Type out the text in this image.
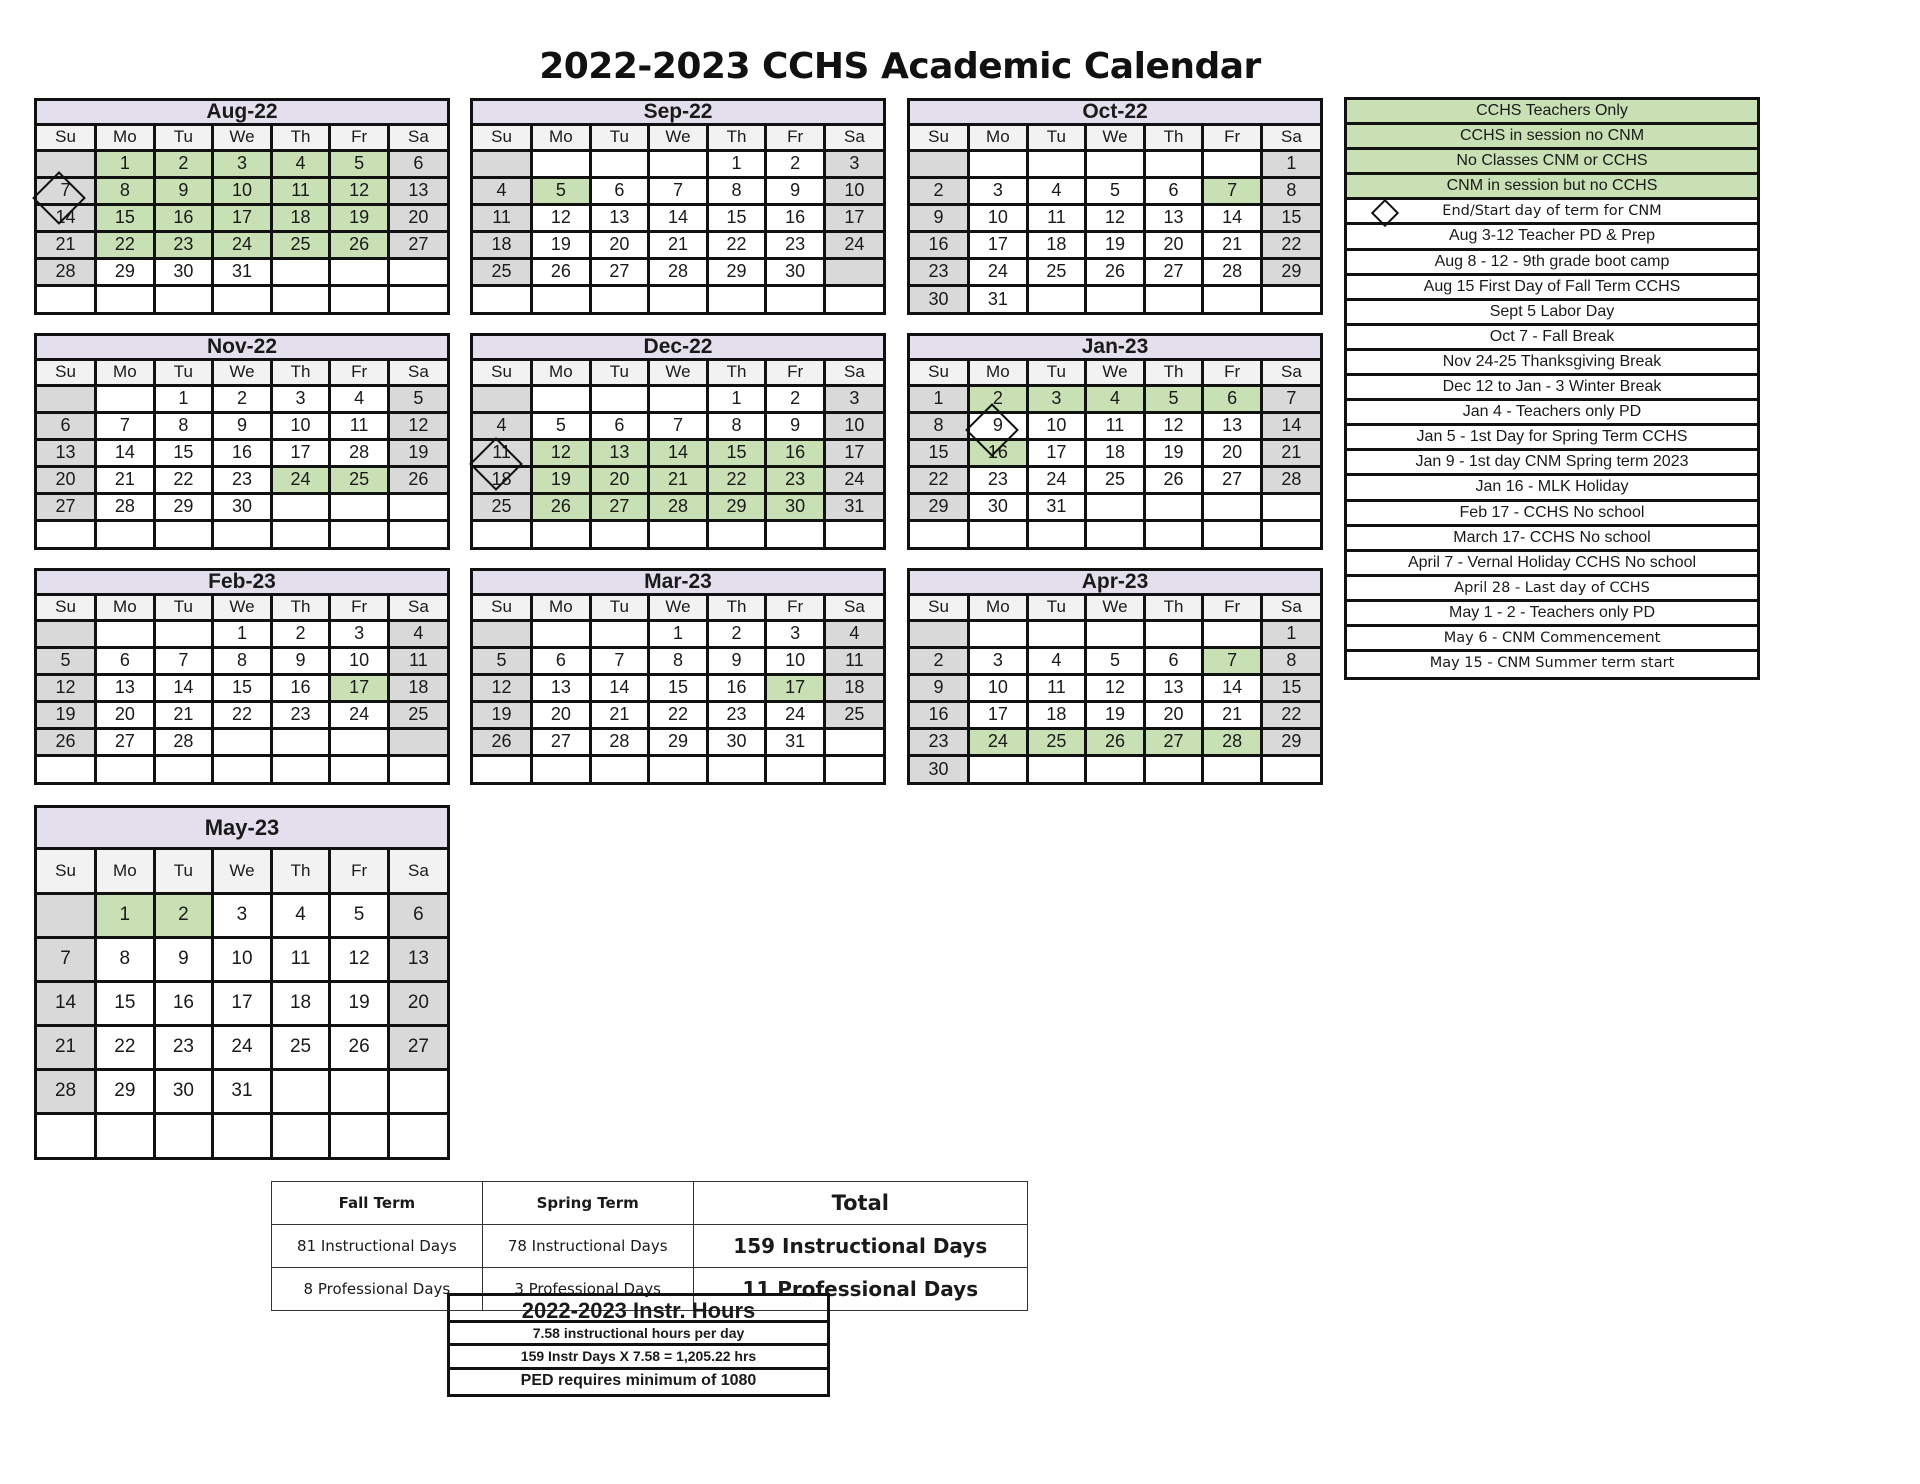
2022-2023 CCHS Academic Calendar
Aug-22
Su	Mo	Tu	We	Th	Fr	Sa
	1	2	3	4	5	6
7	8	9	10	11	12	13
14	15	16	17	18	19	20
21	22	23	24	25	26	27
28	29	30	31			

Sep-22
Su	Mo	Tu	We	Th	Fr	Sa
				1	2	3
4	5	6	7	8	9	10
11	12	13	14	15	16	17
18	19	20	21	22	23	24
25	26	27	28	29	30	

Oct-22
Su	Mo	Tu	We	Th	Fr	Sa
						1
2	3	4	5	6	7	8
9	10	11	12	13	14	15
16	17	18	19	20	21	22
23	24	25	26	27	28	29
30	31					
Nov-22
Su	Mo	Tu	We	Th	Fr	Sa
		1	2	3	4	5
6	7	8	9	10	11	12
13	14	15	16	17	28	19
20	21	22	23	24	25	26
27	28	29	30			

Dec-22
Su	Mo	Tu	We	Th	Fr	Sa
				1	2	3
4	5	6	7	8	9	10
11	12	13	14	15	16	17
18	19	20	21	22	23	24
25	26	27	28	29	30	31

Jan-23
Su	Mo	Tu	We	Th	Fr	Sa
1	2	3	4	5	6	7
8	9	10	11	12	13	14
15	16	17	18	19	20	21
22	23	24	25	26	27	28
29	30	31				

Feb-23
Su	Mo	Tu	We	Th	Fr	Sa
			1	2	3	4
5	6	7	8	9	10	11
12	13	14	15	16	17	18
19	20	21	22	23	24	25
26	27	28				

Mar-23
Su	Mo	Tu	We	Th	Fr	Sa
			1	2	3	4
5	6	7	8	9	10	11
12	13	14	15	16	17	18
19	20	21	22	23	24	25
26	27	28	29	30	31	

Apr-23
Su	Mo	Tu	We	Th	Fr	Sa
						1
2	3	4	5	6	7	8
9	10	11	12	13	14	15
16	17	18	19	20	21	22
23	24	25	26	27	28	29
30						
May-23
Su	Mo	Tu	We	Th	Fr	Sa
	1	2	3	4	5	6
7	8	9	10	11	12	13
14	15	16	17	18	19	20
21	22	23	24	25	26	27
28	29	30	31			

CCHS Teachers Only
CCHS in session no CNM
No Classes CNM or CCHS
CNM in session but no CCHS
End/Start day of term for CNM
Aug 3-12 Teacher PD & Prep
Aug 8 - 12 - 9th grade boot camp
Aug 15 First Day of Fall Term CCHS
Sept 5 Labor Day
Oct 7 - Fall Break
Nov 24-25 Thanksgiving Break
Dec 12 to Jan - 3 Winter Break
Jan 4 - Teachers only PD
Jan 5 - 1st Day for Spring Term CCHS
Jan 9 - 1st day CNM Spring term 2023
Jan 16 - MLK Holiday
Feb 17 - CCHS No school
March 17- CCHS No school
April 7 - Vernal Holiday CCHS No school
April 28 - Last day of CCHS
May 1 - 2 - Teachers only PD
May 6 - CNM Commencement
May 15 - CNM Summer term start
Fall Term	Spring Term	Total
81 Instructional Days	78 Instructional Days	159 Instructional Days
8 Professional Days	3 Professional Days	11 Professional Days
2022-2023 Instr. Hours
7.58 instructional hours per day
159 Instr Days X 7.58 = 1,205.22 hrs
PED requires minimum of 1080
